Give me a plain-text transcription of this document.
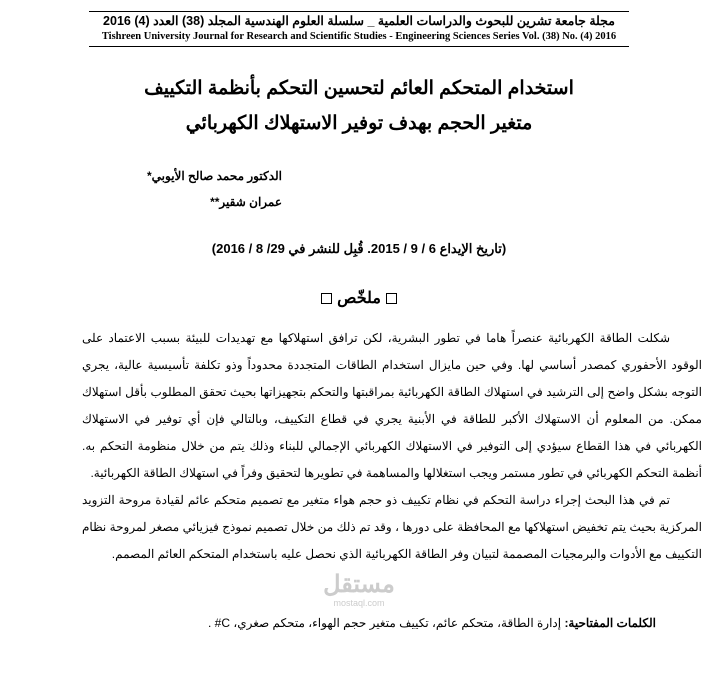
مجلة جامعة تشرين للبحوث والدراسات العلمية _ سلسلة العلوم الهندسية المجلد (38) العدد (4) 2016
Tishreen University Journal for Research and Scientific Studies - Engineering Sciences Series Vol. (38) No. (4) 2016
استخدام المتحكم العائم لتحسين التحكم بأنظمة التكييف
متغير الحجم بهدف توفير الاستهلاك الكهربائي
الدكتور محمد صالح الأيوبي*
عمران شقير**
(تاريخ الإيداع 6 / 9 / 2015. قُبِل للنشر في 29/ 8 / 2016)
ملخّص

شكلت الطاقة الكهربائية عنصراً هاما في تطور البشرية، لكن ترافق استهلاكها مع تهديدات للبيئة بسبب الاعتماد على الوقود الأحفوري كمصدر أساسي لها. وفي حين مايزال استخدام الطاقات المتجددة محدوداً وذو تكلفة تأسيسية عالية، يجري التوجه بشكل واضح إلى الترشيد في استهلاك الطاقة الكهربائية بمراقبتها والتحكم بتجهيزاتها بحيث تحقق المطلوب بأقل استهلاك ممكن. من المعلوم أن الاستهلاك الأكبر للطاقة في الأبنية يجري في قطاع التكييف، وبالتالي فإن أي توفير في الاستهلاك الكهربائي في هذا القطاع سيؤدي إلى التوفير في الاستهلاك الكهربائي الإجمالي للبناء وذلك يتم من خلال منظومة التحكم به. أنظمة التحكم الكهربائي في تطور مستمر ويجب استغلالها والمساهمة في تطويرها لتحقيق وفراً في استهلاك الطاقة الكهربائية.

تم في هذا البحث إجراء دراسة التحكم في نظام تكييف ذو حجم هواء متغير مع تصميم متحكم عائم لقيادة مروحة التزويد المركزية بحيث يتم تخفيض استهلاكها مع المحافظة على دورها ، وقد تم ذلك من خلال تصميم نموذج فيزيائي مصغر لمروحة نظام التكييف مع الأدوات والبرمجيات المصممة لتبيان وفر الطاقة الكهربائية الذي نحصل عليه باستخدام المتحكم العائم المصمم.

مستقل
mostaql.com
الكلمات المفتاحية: إدارة الطاقة، متحكم عائم، تكييف متغير حجم الهواء، متحكم صغري، C# .
